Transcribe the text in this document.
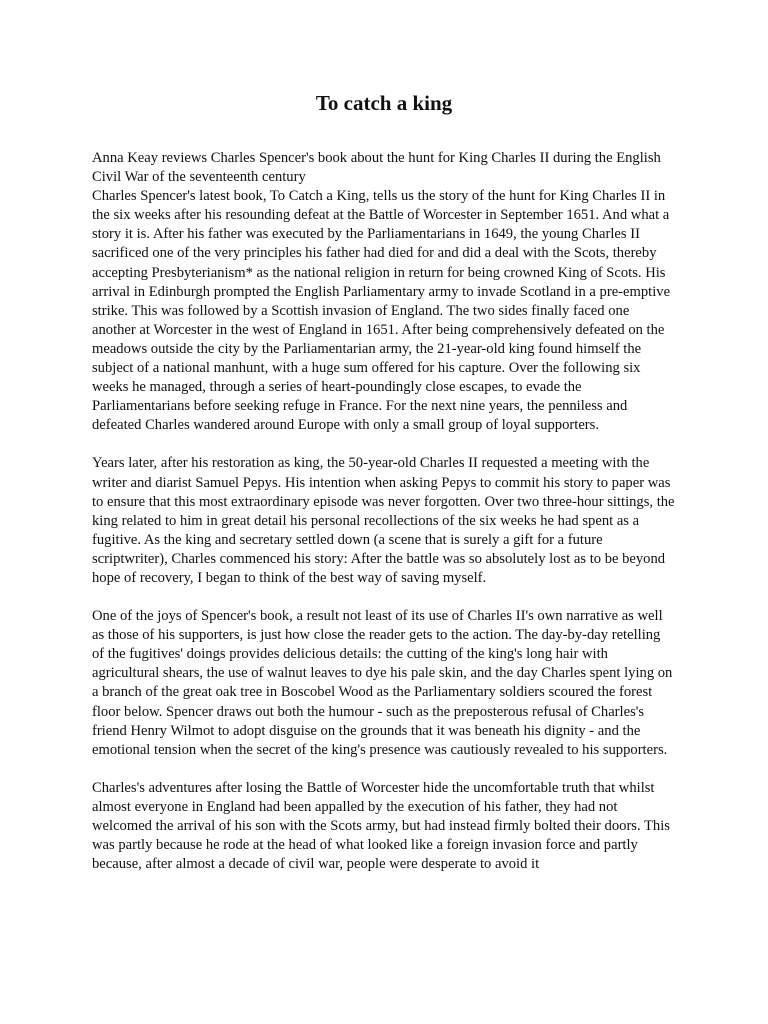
To catch a king

Anna Keay reviews Charles Spencer's book about the hunt for King Charles II during the English Civil War of the seventeenth century

Charles Spencer's latest book, To Catch a King, tells us the story of the hunt for King Charles II in the six weeks after his resounding defeat at the Battle of Worcester in September 1651. And what a story it is. After his father was executed by the Parliamentarians in 1649, the young Charles II sacrificed one of the very principles his father had died for and did a deal with the Scots, thereby accepting Presbyterianism* as the national religion in return for being crowned King of Scots. His arrival in Edinburgh prompted the English Parliamentary army to invade Scotland in a pre-emptive strike. This was followed by a Scottish invasion of England. The two sides finally faced one another at Worcester in the west of England in 1651. After being comprehensively defeated on the meadows outside the city by the Parliamentarian army, the 21-year-old king found himself the subject of a national manhunt, with a huge sum offered for his capture. Over the following six weeks he managed, through a series of heart-poundingly close escapes, to evade the Parliamentarians before seeking refuge in France. For the next nine years, the penniless and defeated Charles wandered around Europe with only a small group of loyal supporters.

Years later, after his restoration as king, the 50-year-old Charles II requested a meeting with the writer and diarist Samuel Pepys. His intention when asking Pepys to commit his story to paper was to ensure that this most extraordinary episode was never forgotten. Over two three-hour sittings, the king related to him in great detail his personal recollections of the six weeks he had spent as a fugitive. As the king and secretary settled down (a scene that is surely a gift for a future scriptwriter), Charles commenced his story: After the battle was so absolutely lost as to be beyond hope of recovery, I began to think of the best way of saving myself.

One of the joys of Spencer's book, a result not least of its use of Charles II's own narrative as well as those of his supporters, is just how close the reader gets to the action. The day-by-day retelling of the fugitives' doings provides delicious details: the cutting of the king's long hair with agricultural shears, the use of walnut leaves to dye his pale skin, and the day Charles spent lying on a branch of the great oak tree in Boscobel Wood as the Parliamentary soldiers scoured the forest floor below. Spencer draws out both the humour - such as the preposterous refusal of Charles's friend Henry Wilmot to adopt disguise on the grounds that it was beneath his dignity - and the emotional tension when the secret of the king's presence was cautiously revealed to his supporters.

Charles's adventures after losing the Battle of Worcester hide the uncomfortable truth that whilst almost everyone in England had been appalled by the execution of his father, they had not welcomed the arrival of his son with the Scots army, but had instead firmly bolted their doors. This was partly because he rode at the head of what looked like a foreign invasion force and partly because, after almost a decade of civil war, people were desperate to avoid it
